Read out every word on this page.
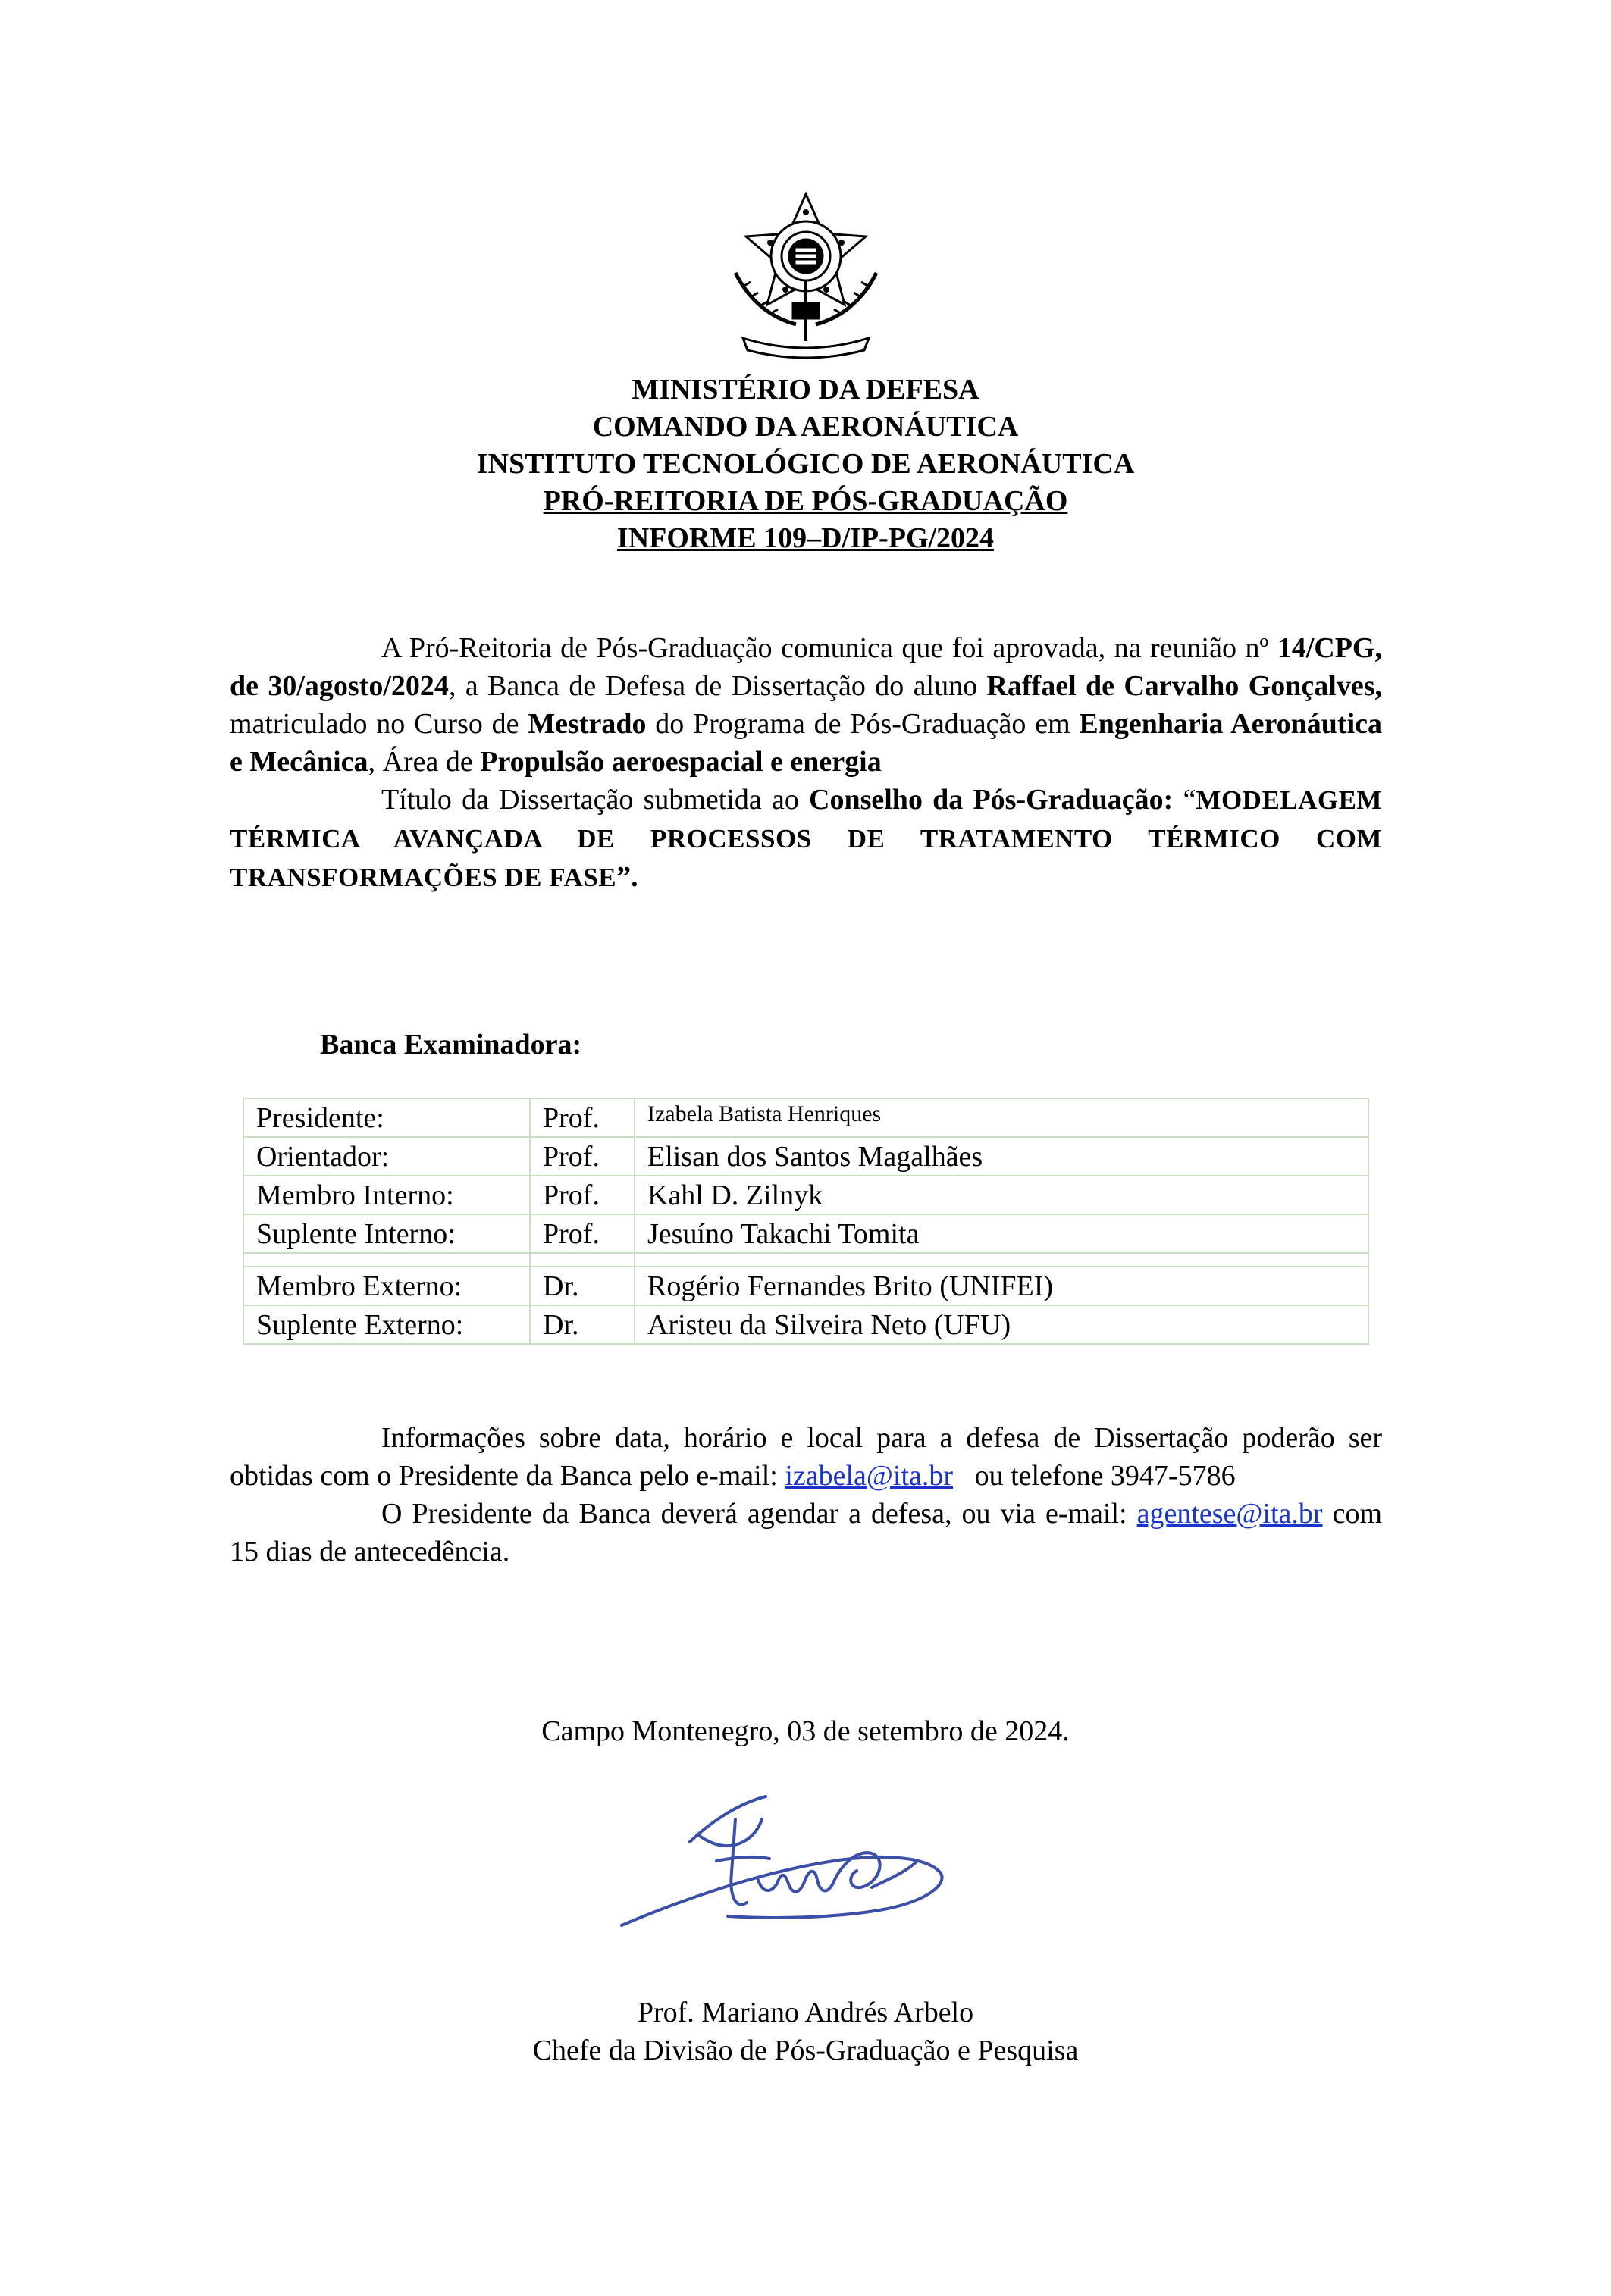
MINISTÉRIO DA DEFESA
COMANDO DA AERONÁUTICA
INSTITUTO TECNOLÓGICO DE AERONÁUTICA
PRÓ-REITORIA DE PÓS-GRADUAÇÃO
INFORME 109–D/IP-PG/2024
A Pró-Reitoria de Pós-Graduação comunica que foi aprovada, na reunião nº 14/CPG, de 30/agosto/2024, a Banca de Defesa de Dissertação do aluno Raffael de Carvalho Gonçalves, matriculado no Curso de Mestrado do Programa de Pós-Graduação em Engenharia Aeronáutica e Mecânica, Área de Propulsão aeroespacial e energia
Título da Dissertação submetida ao Conselho da Pós-Graduação: “MODELAGEM TÉRMICA AVANÇADA DE PROCESSOS DE TRATAMENTO TÉRMICO COM TRANSFORMAÇÕES DE FASE”.
Banca Examinadora:
Presidente:	Prof.	$^{Izabela Batista Henriques}$
Orientador:	Prof.	Elisan dos Santos Magalhães
Membro Interno:	Prof.	Kahl D. Zilnyk
Suplente Interno:	Prof.	Jesuíno Takachi Tomita

Membro Externo:	Dr.	Rogério Fernandes Brito (UNIFEI)
Suplente Externo:	Dr.	Aristeu da Silveira Neto (UFU)
Informações sobre data, horário e local para a defesa de Dissertação poderão ser obtidas com o Presidente da Banca pelo e-mail: izabela@ita.br   ou telefone 3947-5786
O Presidente da Banca deverá agendar a defesa, ou via e-mail: agentese@ita.br com 15 dias de antecedência.
Campo Montenegro, 03 de setembro de 2024.
Prof. Mariano Andrés Arbelo
Chefe da Divisão de Pós-Graduação e Pesquisa
